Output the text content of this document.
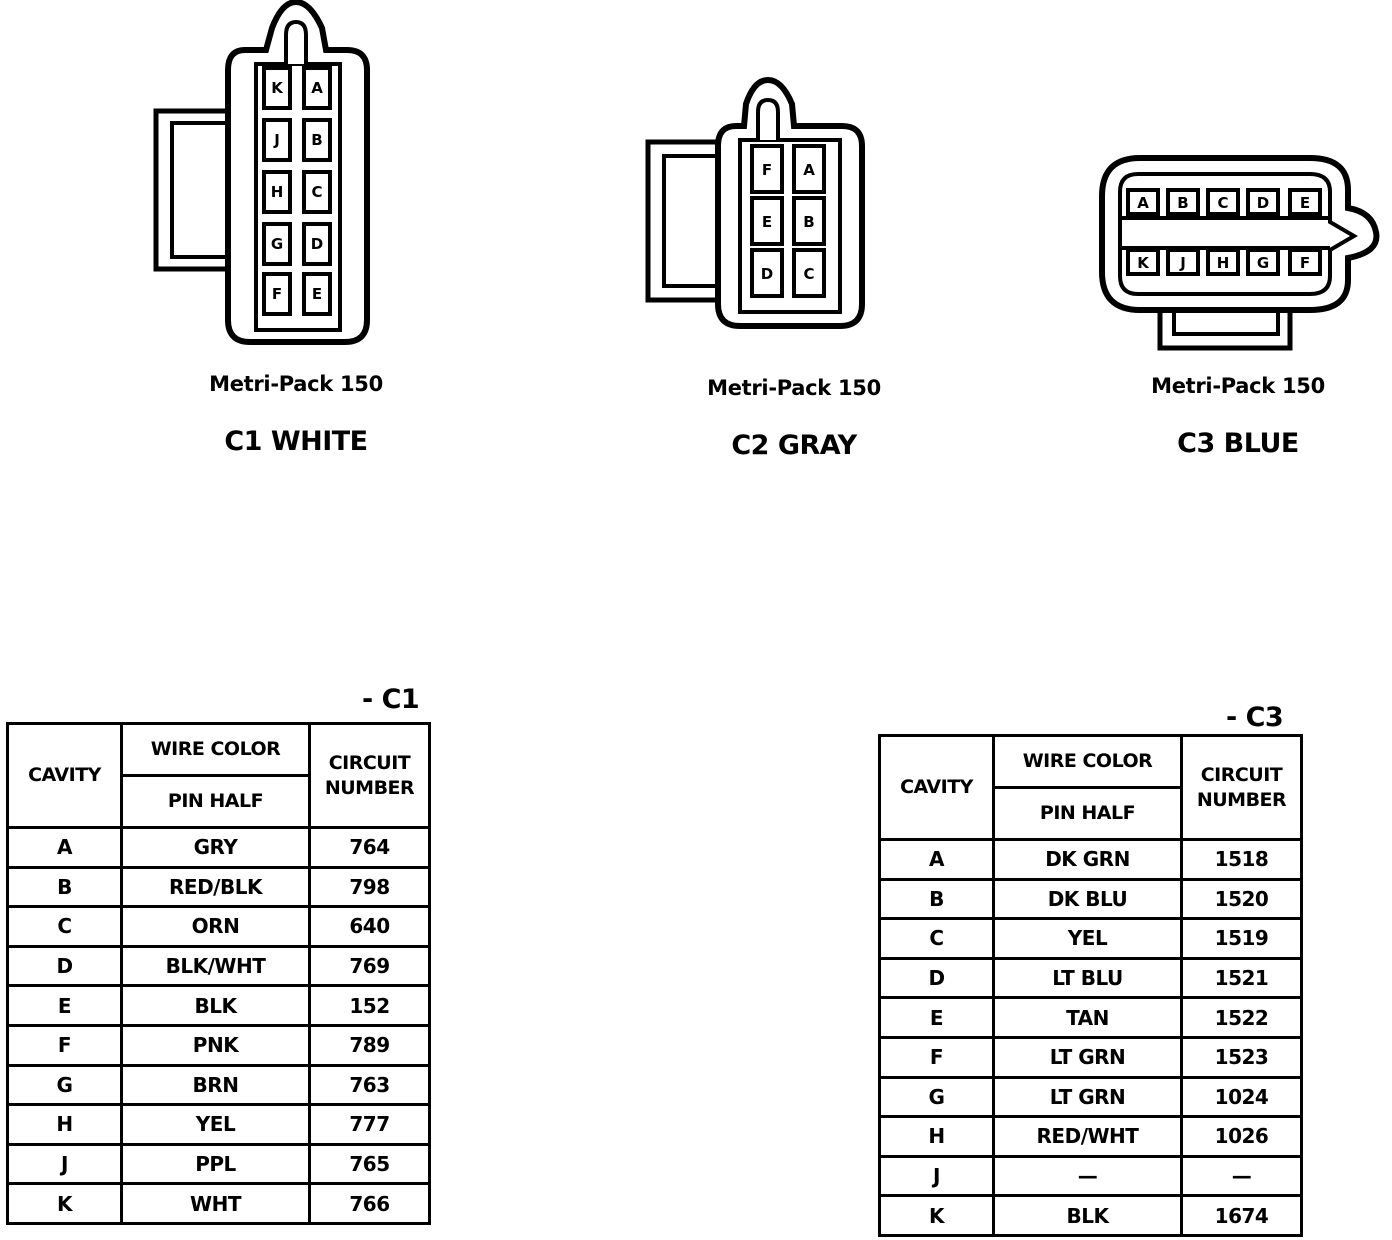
K A
J B
H C
G D
F E
Metri-Pack 150
C1 WHITE
F A
E B
D C
Metri-Pack 150
C2 GRAY
A B C D E
K J H G F
Metri-Pack 150
C3 BLUE
- C1
CAVITY	WIRE COLOR	CIRCUIT NUMBER
	PIN HALF	
A	GRY	764
B	RED/BLK	798
C	ORN	640
D	BLK/WHT	769
E	BLK	152
F	PNK	789
G	BRN	763
H	YEL	777
J	PPL	765
K	WHT	766
- C3
CAVITY	WIRE COLOR	CIRCUIT NUMBER
	PIN HALF	
A	DK GRN	1518
B	DK BLU	1520
C	YEL	1519
D	LT BLU	1521
E	TAN	1522
F	LT GRN	1523
G	LT GRN	1024
H	RED/WHT	1026
J	—	—
K	BLK	1674
